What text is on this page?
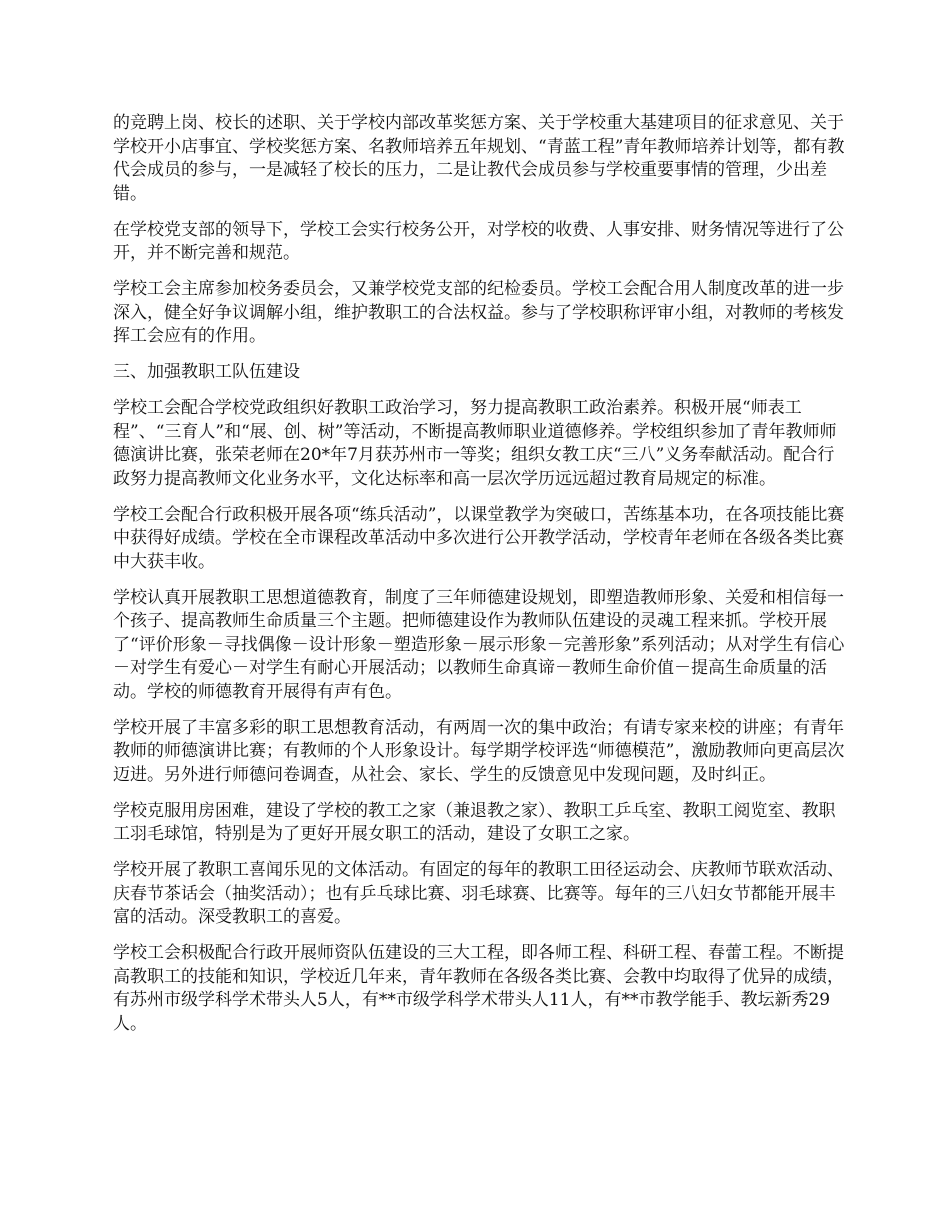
的竞聘上岗、校长的述职、关于学校内部改革奖惩方案、关于学校重大基建项目的征求意见、关于学校开小店事宜、学校奖惩方案、名教师培养五年规划、“青蓝工程”青年教师培养计划等，都有教代会成员的参与，一是减轻了校长的压力，二是让教代会成员参与学校重要事情的管理，少出差错。

在学校党支部的领导下，学校工会实行校务公开，对学校的收费、人事安排、财务情况等进行了公开，并不断完善和规范。

学校工会主席参加校务委员会，又兼学校党支部的纪检委员。学校工会配合用人制度改革的进一步深入，健全好争议调解小组，维护教职工的合法权益。参与了学校职称评审小组，对教师的考核发挥工会应有的作用。

三、加强教职工队伍建设

学校工会配合学校党政组织好教职工政治学习，努力提高教职工政治素养。积极开展“师表工程”、“三育人”和“展、创、树”等活动，不断提高教师职业道德修养。学校组织参加了青年教师师德演讲比赛，张荣老师在20*年7月获苏州市一等奖；组织女教工庆“三八”义务奉献活动。配合行政努力提高教师文化业务水平，文化达标率和高一层次学历远远超过教育局规定的标准。

学校工会配合行政积极开展各项“练兵活动”，以课堂教学为突破口，苦练基本功，在各项技能比赛中获得好成绩。学校在全市课程改革活动中多次进行公开教学活动，学校青年老师在各级各类比赛中大获丰收。

学校认真开展教职工思想道德教育，制度了三年师德建设规划，即塑造教师形象、关爱和相信每一个孩子、提高教师生命质量三个主题。把师德建设作为教师队伍建设的灵魂工程来抓。学校开展了“评价形象－寻找偶像－设计形象－塑造形象－展示形象－完善形象”系列活动；从对学生有信心－对学生有爱心－对学生有耐心开展活动；以教师生命真谛－教师生命价值－提高生命质量的活动。学校的师德教育开展得有声有色。

学校开展了丰富多彩的职工思想教育活动，有两周一次的集中政治；有请专家来校的讲座；有青年教师的师德演讲比赛；有教师的个人形象设计。每学期学校评选“师德模范”，激励教师向更高层次迈进。另外进行师德问卷调查，从社会、家长、学生的反馈意见中发现问题，及时纠正。

学校克服用房困难，建设了学校的教工之家（兼退教之家）、教职工乒乓室、教职工阅览室、教职工羽毛球馆，特别是为了更好开展女职工的活动，建设了女职工之家。

学校开展了教职工喜闻乐见的文体活动。有固定的每年的教职工田径运动会、庆教师节联欢活动、庆春节茶话会（抽奖活动）；也有乒乓球比赛、羽毛球赛、比赛等。每年的三八妇女节都能开展丰富的活动。深受教职工的喜爱。

学校工会积极配合行政开展师资队伍建设的三大工程，即各师工程、科研工程、春蕾工程。不断提高教职工的技能和知识，学校近几年来，青年教师在各级各类比赛、会教中均取得了优异的成绩，有苏州市级学科学术带头人5人，有**市级学科学术带头人11人，有**市教学能手、教坛新秀29人。
